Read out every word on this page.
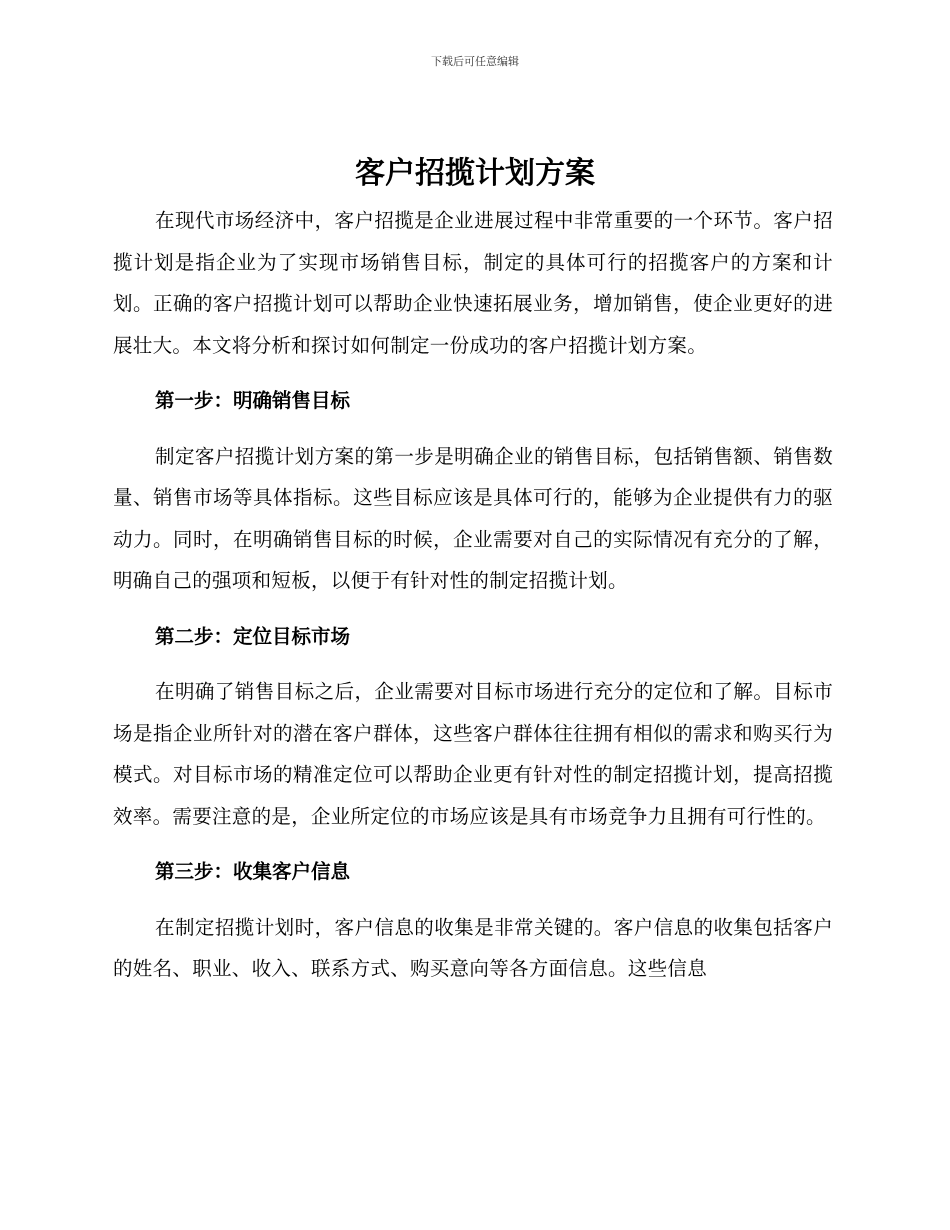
下载后可任意编辑
客户招揽计划方案

在现代市场经济中，客户招揽是企业进展过程中非常重要的一个环节。客户招揽计划是指企业为了实现市场销售目标，制定的具体可行的招揽客户的方案和计划。正确的客户招揽计划可以帮助企业快速拓展业务，增加销售，使企业更好的进展壮大。本文将分析和探讨如何制定一份成功的客户招揽计划方案。

第一步：明确销售目标

制定客户招揽计划方案的第一步是明确企业的销售目标，包括销售额、销售数量、销售市场等具体指标。这些目标应该是具体可行的，能够为企业提供有力的驱动力。同时，在明确销售目标的时候，企业需要对自己的实际情况有充分的了解，明确自己的强项和短板，以便于有针对性的制定招揽计划。

第二步：定位目标市场

在明确了销售目标之后，企业需要对目标市场进行充分的定位和了解。目标市场是指企业所针对的潜在客户群体，这些客户群体往往拥有相似的需求和购买行为模式。对目标市场的精准定位可以帮助企业更有针对性的制定招揽计划，提高招揽效率。需要注意的是，企业所定位的市场应该是具有市场竞争力且拥有可行性的。

第三步：收集客户信息

在制定招揽计划时，客户信息的收集是非常关键的。客户信息的收集包括客户的姓名、职业、收入、联系方式、购买意向等各方面信息。这些信息
